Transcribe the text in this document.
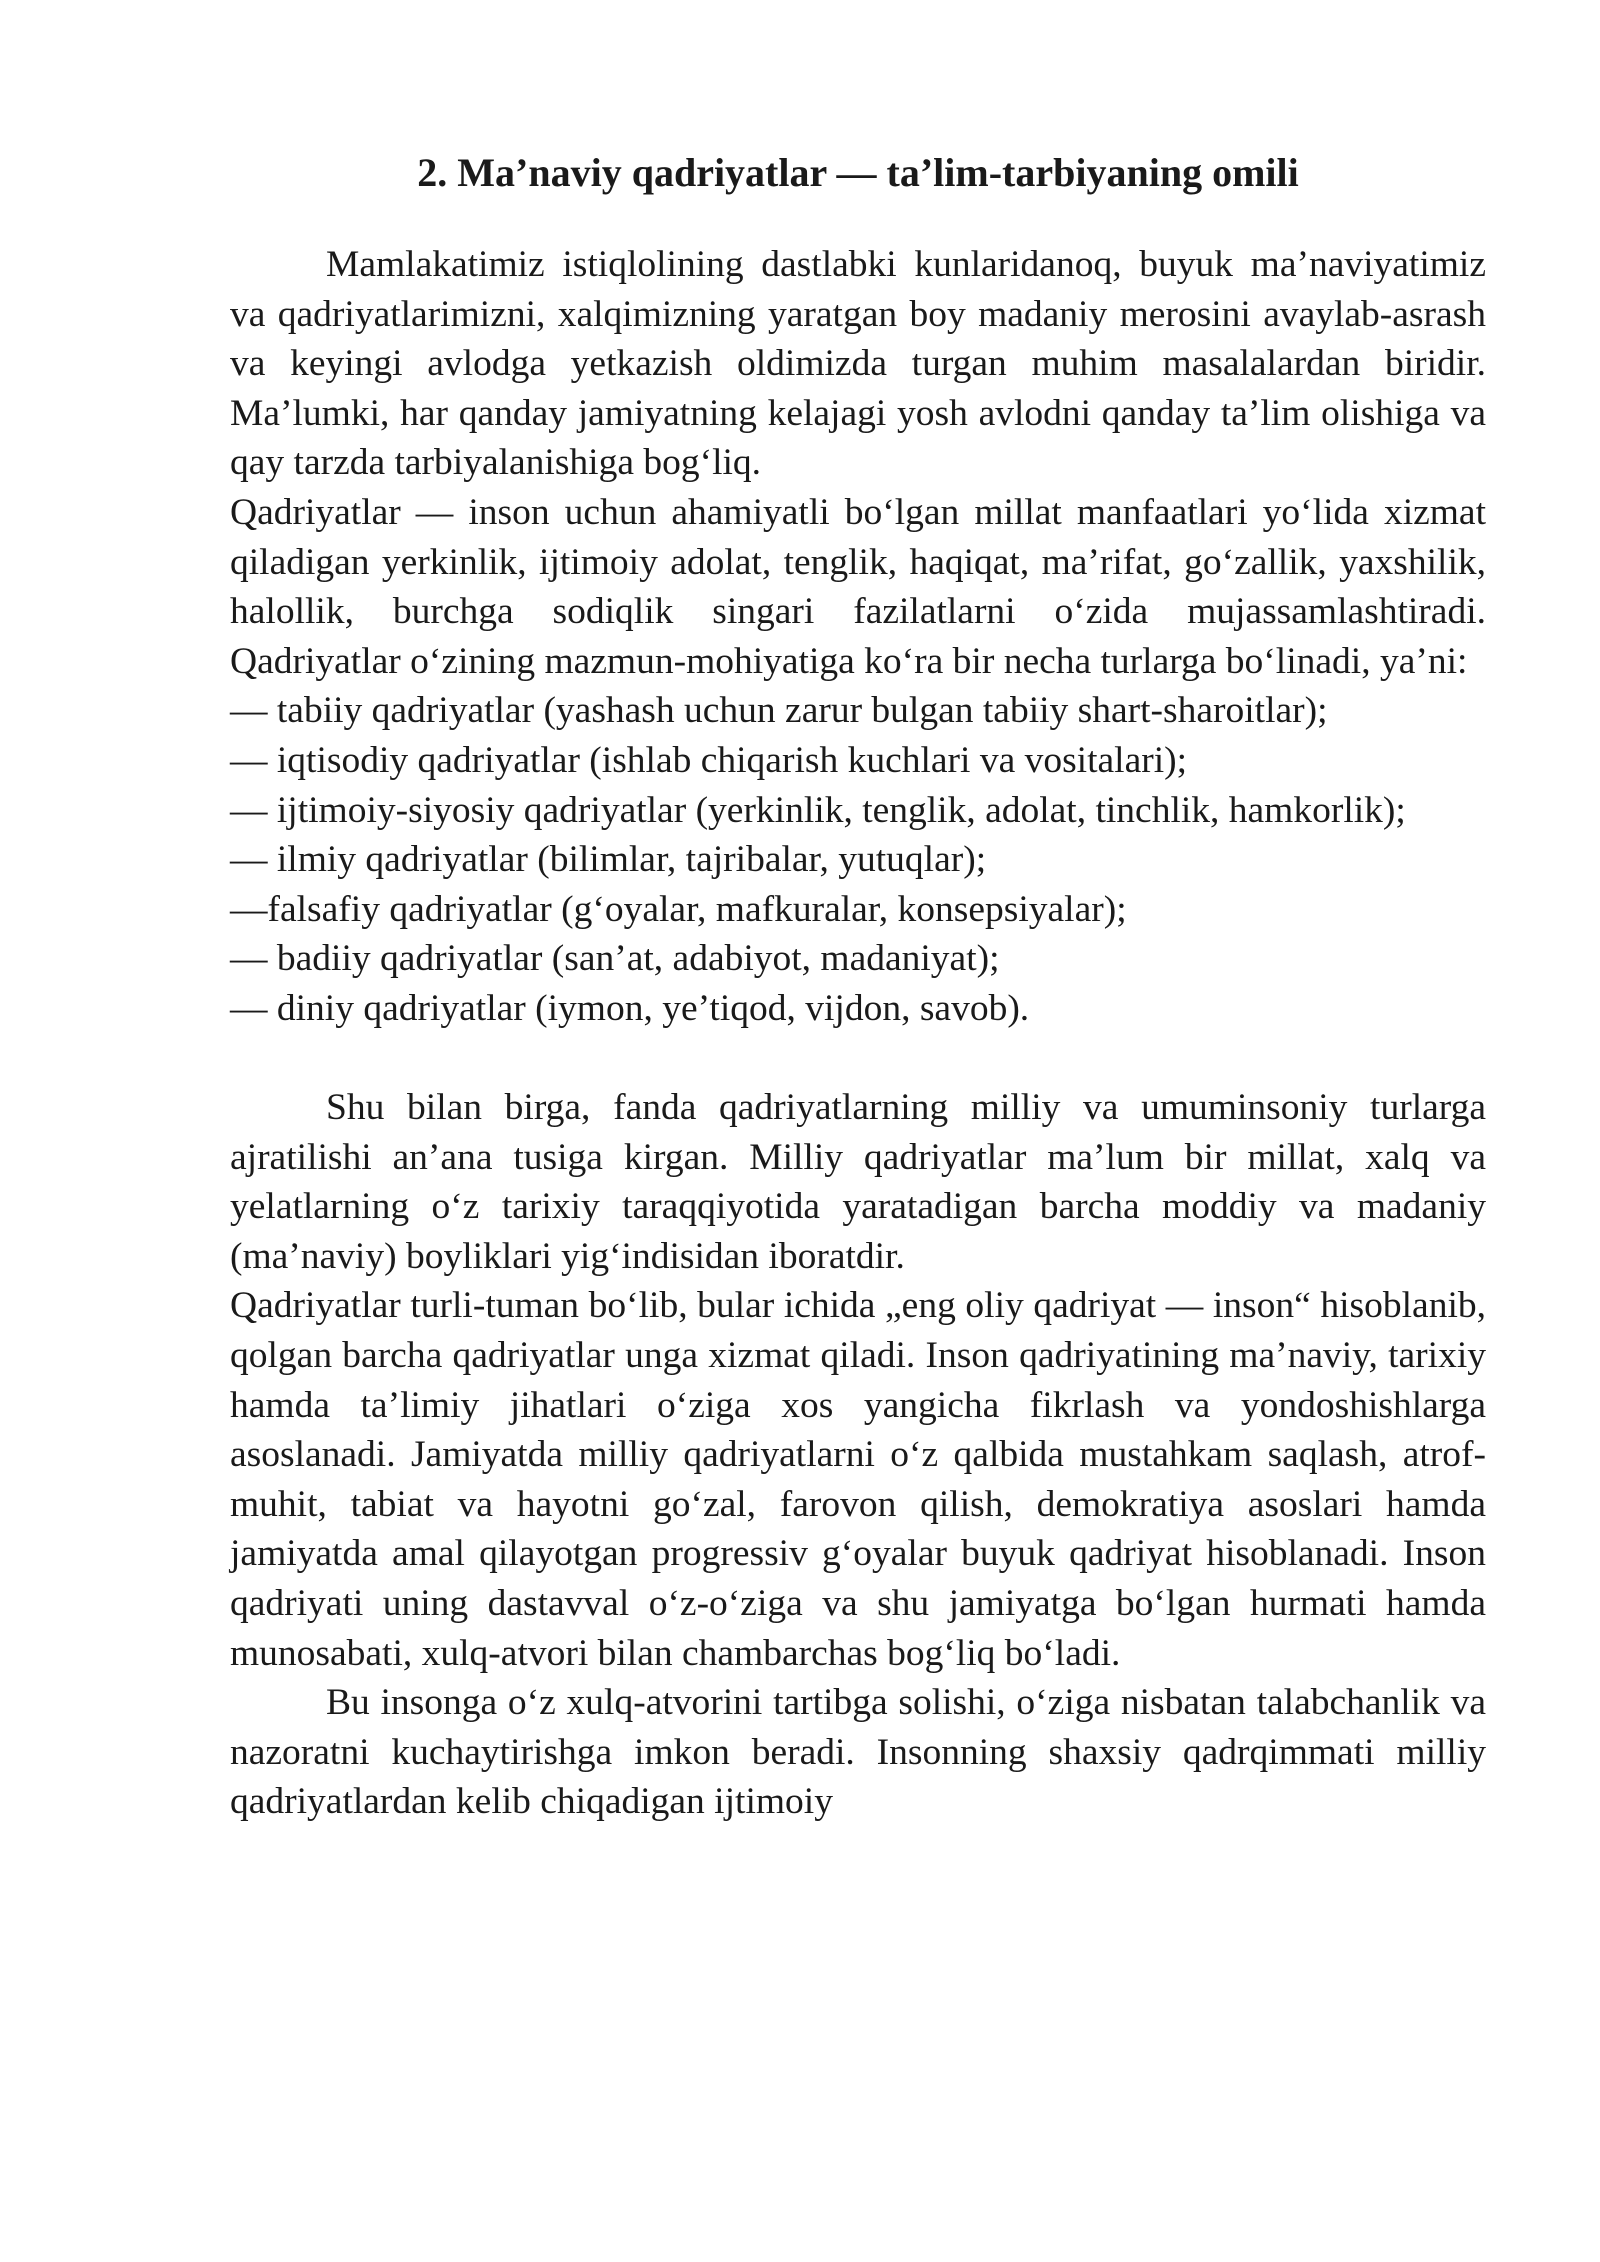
2. Ma’naviy qadriyatlar — ta’lim-tarbiyaning omili

Mamlakatimiz istiqlolining dastlabki kunlaridanoq, buyuk ma’naviyatimiz va qadriyatlarimizni, xalqimizning yaratgan boy madaniy merosini avaylab-asrash va keyingi avlodga yetkazish oldimizda turgan muhim masalalardan biridir. Ma’lumki, har qanday jamiyatning kelajagi yosh avlodni qanday ta’lim olishiga va qay tarzda tarbiyalanishiga bog‘liq.

Qadriyatlar — inson uchun ahamiyatli bo‘lgan millat manfaatlari yo‘lida xizmat qiladigan yerkinlik, ijtimoiy adolat, tenglik, haqiqat, ma’rifat, go‘zallik, yaxshilik, halollik, burchga sodiqlik singari fazilatlarni o‘zida mujassamlashtiradi. Qadriyatlar o‘zining mazmun-mohiyatiga ko‘ra bir necha turlarga bo‘linadi, ya’ni:

— tabiiy qadriyatlar (yashash uchun zarur bulgan tabiiy shart-sharoitlar);

— iqtisodiy qadriyatlar (ishlab chiqarish kuchlari va vositalari);

— ijtimoiy-siyosiy qadriyatlar (yerkinlik, tenglik, adolat, tinchlik, hamkorlik);

— ilmiy qadriyatlar (bilimlar, tajribalar, yutuqlar);

—falsafiy qadriyatlar (g‘oyalar, mafkuralar, konsepsiyalar);

— badiiy qadriyatlar (san’at, adabiyot, madaniyat);

— diniy qadriyatlar (iymon, ye’tiqod, vijdon, savob).

Shu bilan birga, fanda qadriyatlarning milliy va umuminsoniy turlarga ajratilishi an’ana tusiga kirgan. Milliy qadriyatlar ma’lum bir millat, xalq va yelatlarning o‘z tarixiy taraqqiyotida yaratadigan barcha moddiy va madaniy (ma’naviy) boyliklari yig‘indisidan iboratdir.

Qadriyatlar turli-tuman bo‘lib, bular ichida „eng oliy qadriyat — inson“ hisoblanib, qolgan barcha qadriyatlar unga xizmat qiladi. Inson qadriyatining ma’naviy, tarixiy hamda ta’limiy jihatlari o‘ziga xos yangicha fikrlash va yondoshishlarga asoslanadi. Jamiyatda milliy qadriyatlarni o‘z qalbida mustahkam saqlash, atrof-muhit, tabiat va hayotni go‘zal, farovon qilish, demokratiya asoslari hamda jamiyatda amal qilayotgan progressiv g‘oyalar buyuk qadriyat hisoblanadi. Inson qadriyati uning dastavval o‘z-o‘ziga va shu jamiyatga bo‘lgan hurmati hamda munosabati, xulq-atvori bilan chambarchas bog‘liq bo‘ladi.

Bu insonga o‘z xulq-atvorini tartibga solishi, o‘ziga nisbatan talabchanlik va nazoratni kuchaytirishga imkon beradi. Insonning shaxsiy qadrqimmati milliy qadriyatlardan kelib chiqadigan ijtimoiy
